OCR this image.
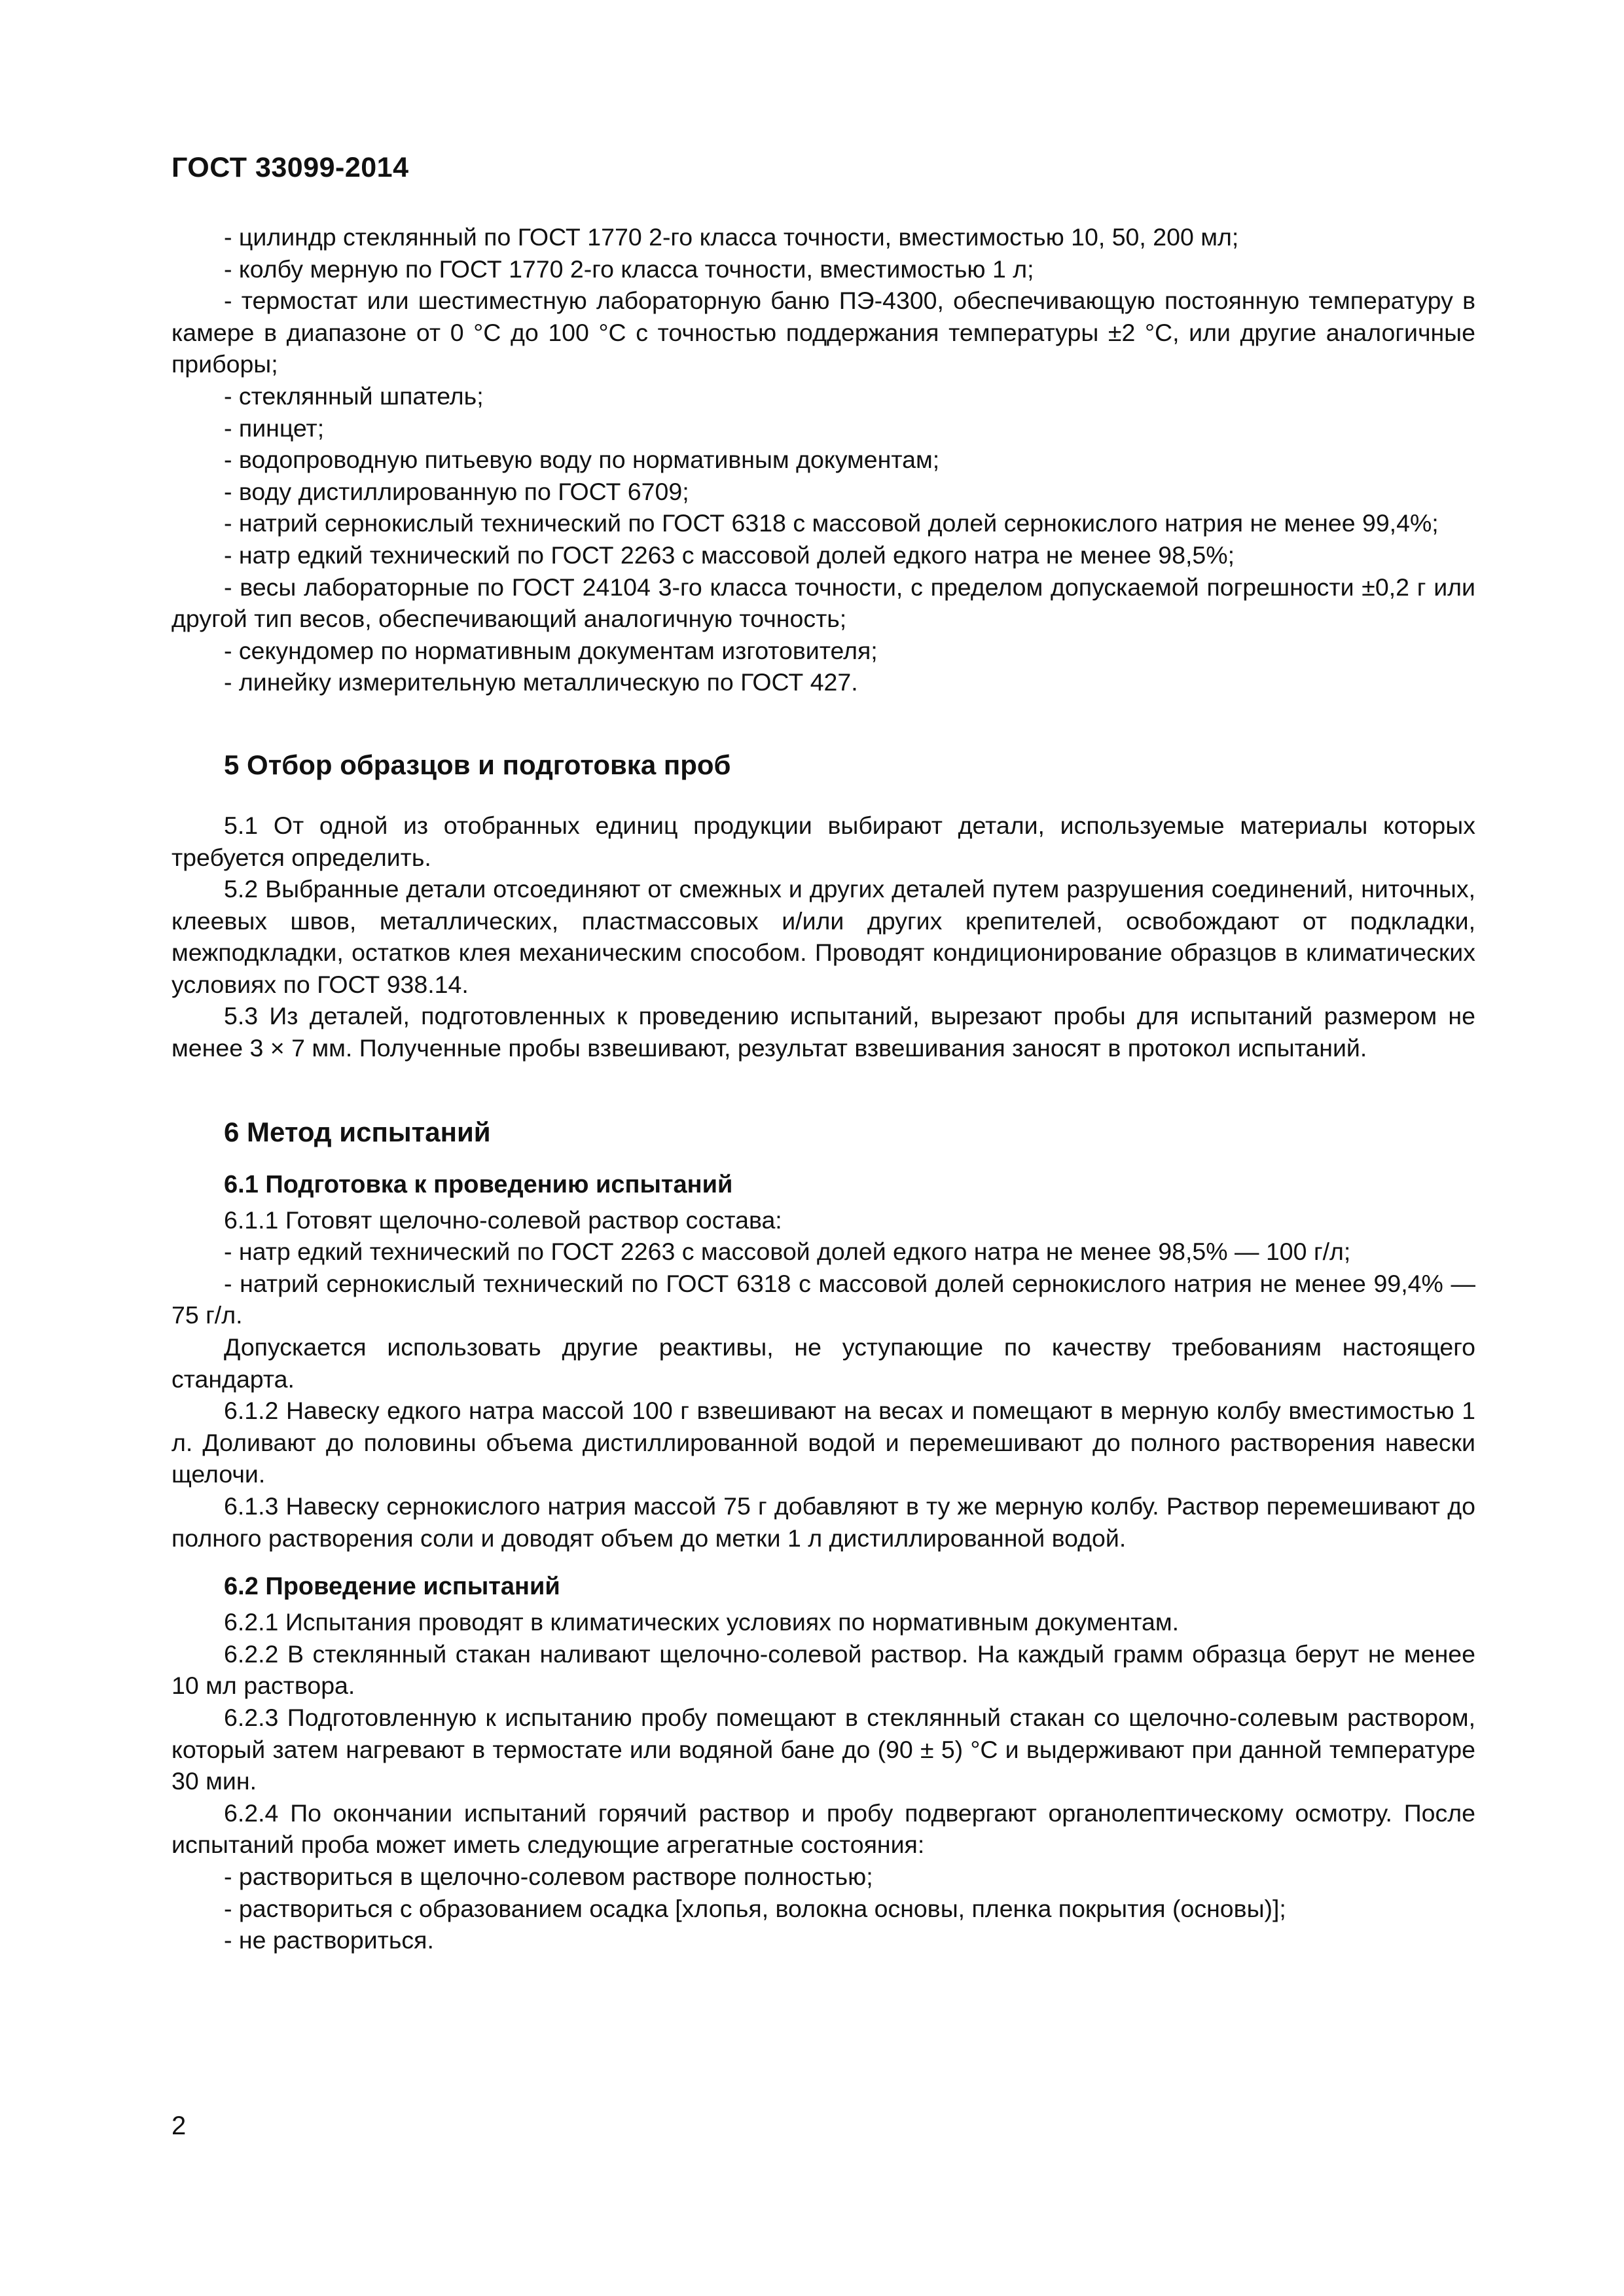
ГОСТ 33099-2014

- цилиндр стеклянный по ГОСТ 1770 2-го класса точности, вместимостью 10, 50, 200 мл;

- колбу мерную по ГОСТ 1770 2-го класса точности, вместимостью 1 л;

- термостат или шестиместную лабораторную баню ПЭ-4300, обеспечивающую постоянную температуру в камере в диапазоне от 0 °С до 100 °С с точностью поддержания температуры ±2 °С, или другие аналогичные приборы;

- стеклянный шпатель;

- пинцет;

- водопроводную питьевую воду по нормативным документам;

- воду дистиллированную по ГОСТ 6709;

- натрий сернокислый технический по ГОСТ 6318 с массовой долей сернокислого натрия не менее 99,4%;

- натр едкий технический по ГОСТ 2263 с массовой долей едкого натра не менее 98,5%;

- весы лабораторные по ГОСТ 24104 3-го класса точности, с пределом допускаемой погрешности ±0,2 г или другой тип весов, обеспечивающий аналогичную точность;

- секундомер по нормативным документам изготовителя;

- линейку измерительную металлическую по ГОСТ 427.

5 Отбор образцов и подготовка проб

5.1 От одной из отобранных единиц продукции выбирают детали, используемые материалы которых требуется определить.

5.2 Выбранные детали отсоединяют от смежных и других деталей путем разрушения соединений, ниточных, клеевых швов, металлических, пластмассовых и/или других крепителей, освобождают от подкладки, межподкладки, остатков клея механическим способом. Проводят кондиционирование образцов в климатических условиях по ГОСТ 938.14.

5.3 Из деталей, подготовленных к проведению испытаний, вырезают пробы для испытаний размером не менее 3 × 7 мм. Полученные пробы взвешивают, результат взвешивания заносят в протокол испытаний.

6 Метод испытаний
6.1 Подготовка к проведению испытаний

6.1.1 Готовят щелочно-солевой раствор состава:

- натр едкий технический по ГОСТ 2263 с массовой долей едкого натра не менее 98,5% — 100 г/л;

- натрий сернокислый технический по ГОСТ 6318 с массовой долей сернокислого натрия не менее 99,4% — 75 г/л.

Допускается использовать другие реактивы, не уступающие по качеству требованиям настоящего стандарта.

6.1.2 Навеску едкого натра массой 100 г взвешивают на весах и помещают в мерную колбу вместимостью 1 л. Доливают до половины объема дистиллированной водой и перемешивают до полного растворения навески щелочи.

6.1.3 Навеску сернокислого натрия массой 75 г добавляют в ту же мерную колбу. Раствор перемешивают до полного растворения соли и доводят объем до метки 1 л дистиллированной водой.

6.2 Проведение испытаний

6.2.1 Испытания проводят в климатических условиях по нормативным документам.

6.2.2 В стеклянный стакан наливают щелочно-солевой раствор. На каждый грамм образца берут не менее 10 мл раствора.

6.2.3 Подготовленную к испытанию пробу помещают в стеклянный стакан со щелочно-солевым раствором, который затем нагревают в термостате или водяной бане до (90 ± 5) °С и выдерживают при данной температуре 30 мин.

6.2.4 По окончании испытаний горячий раствор и пробу подвергают органолептическому осмотру. После испытаний проба может иметь следующие агрегатные состояния:

- раствориться в щелочно-солевом растворе полностью;

- раствориться с образованием осадка [хлопья, волокна основы, пленка покрытия (основы)];

- не раствориться.

2
